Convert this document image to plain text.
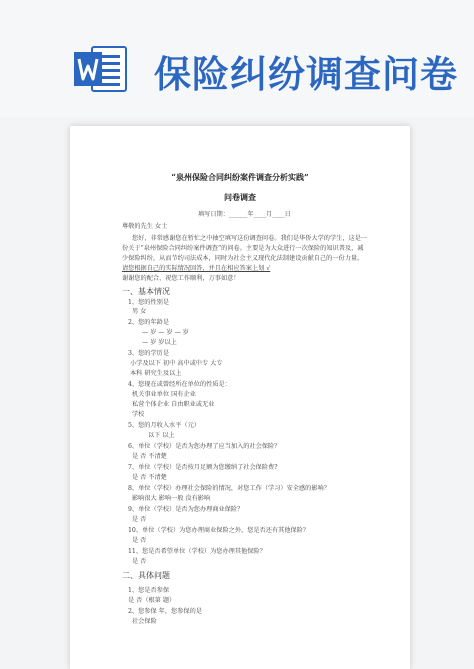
保险纠纷调查问卷
“泉州保险合同纠纷案件调查分析实践”
问卷调查
填写日期：______年____月____日
尊敬的先生 女士
您好，非常感谢您在暂忙之中抽空填写这份调查问卷。我们是华侨大学的学生，这是一
份关于“泉州保险合同纠纷案件调查”的问卷。主要是为大众进行一次保险的知识普及，减
少保险纠纷，从而节约司法成本，同时为社会主义现代化法制建设贡献自己的一份力量。
请您根据自己的实际情况回答，并且在相应答案上划 √
谢谢您的配合，祝您工作顺利，万事如意！
一、基本情况
1、您的性别是
男 女
2、您的年龄是
— 岁 — 岁 — 岁
— 岁 岁以上
3、您的学历是
小学及以下 初中 高中或中专 大专
本科 研究生及以上
4、您现在或曾经所在单位的性质是：
机关事业单位 国有企业
私营个体企业 自由职业或无业
学校
5、您的月收入水平（元）
以下 以上
6、单位（学校）是否为您办理了应当加入的社会保险？
是 否 不清楚
7、单位（学校）是否按月足额为您缴纳了社会保险费?
是 否 不清楚
8、单位（学校）办理社会保险的情况，对您工作（学习）安全感的影响？
影响很大 影响一般 没有影响
9、单位（学校）是否为您办理商业保险？
是 否
10、单位（学校）为您办理商业保险之外，您是否还有其他保险？
是 否
11、您是否希望单位（学校）为您办理其他保险？
是 否
二、具体问题
1、您是否参保
是 否（根第 题）
2、您参保 年，您参保的是
社会保险
